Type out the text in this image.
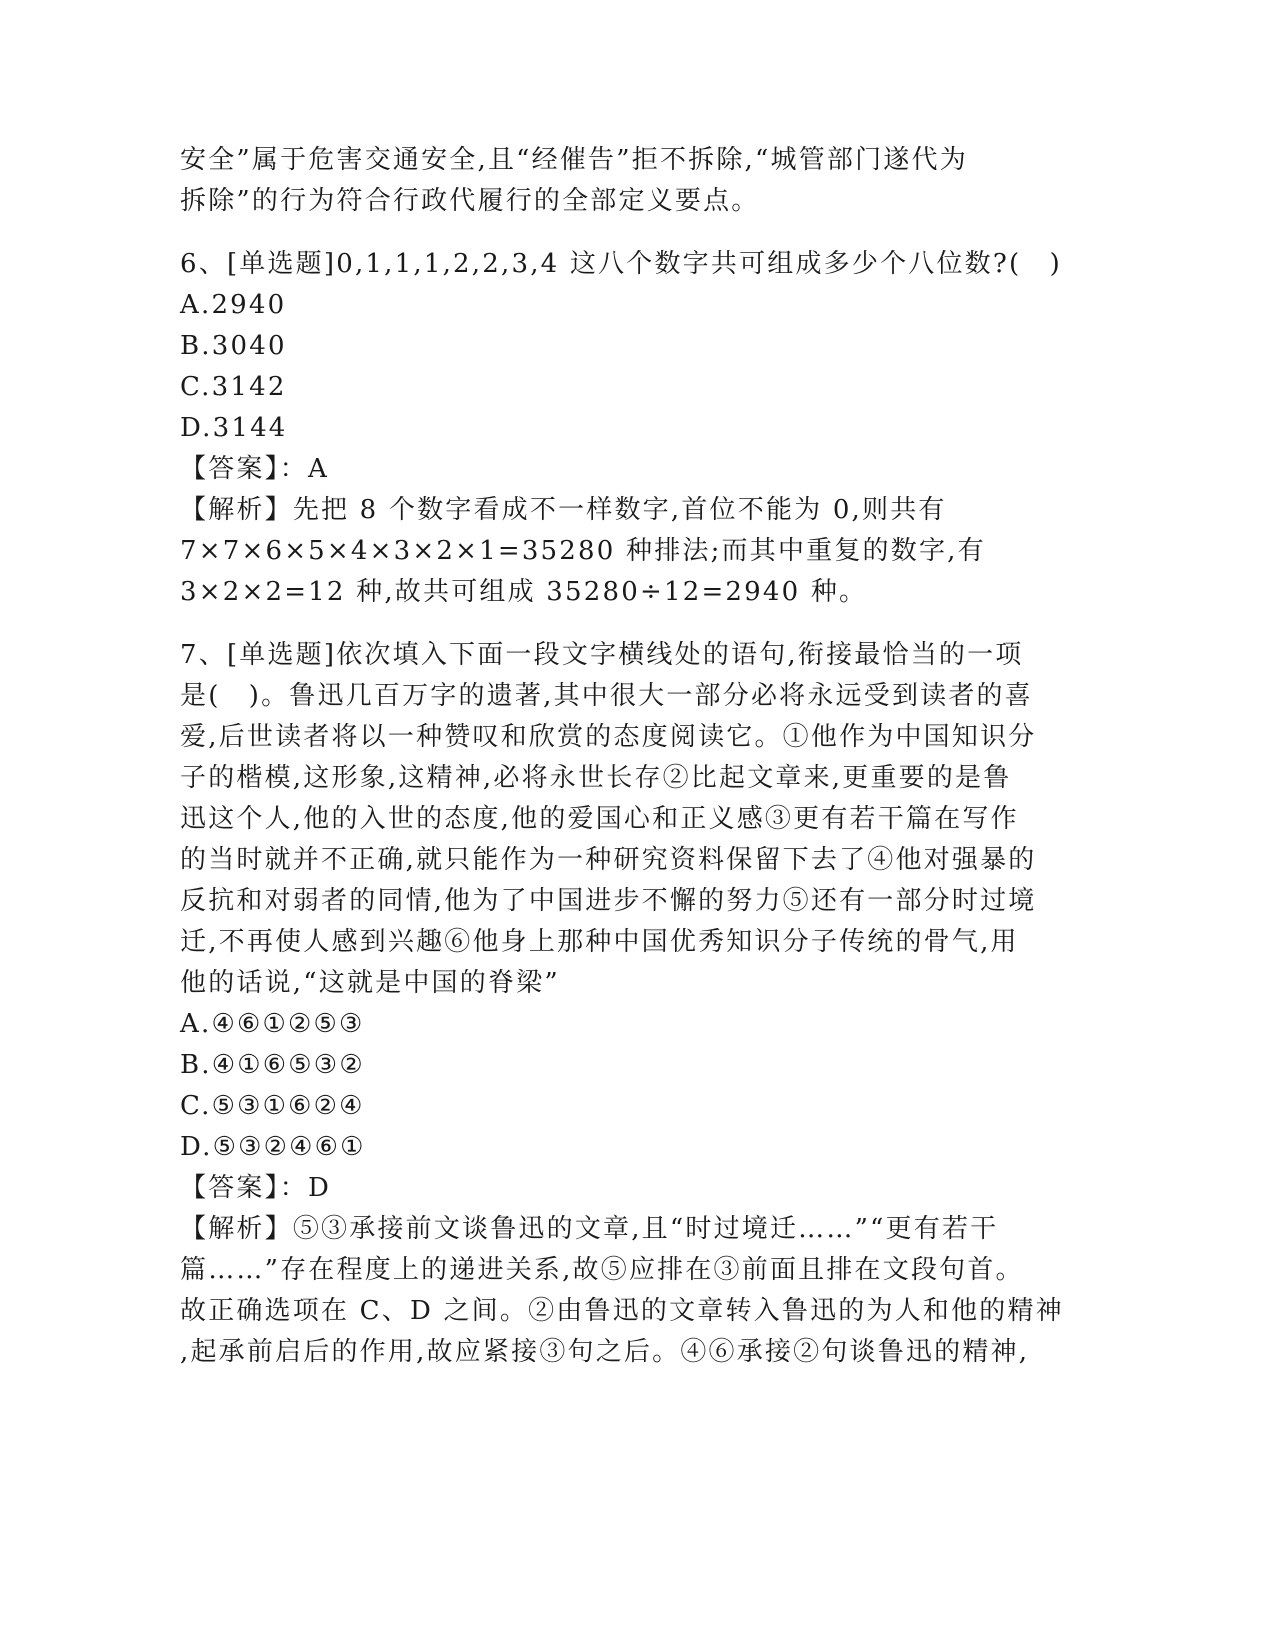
安全”属于危害交通安全,且“经催告”拒不拆除,“城管部门遂代为
拆除”的行为符合行政代履行的全部定义要点。
6、[单选题]0,1,1,1,2,2,3,4 这八个数字共可组成多少个八位数?(　)
A.2940
B.3040
C.3142
D.3144
【答案】：A
【解析】先把 8 个数字看成不一样数字,首位不能为 0,则共有
7×7×6×5×4×3×2×1=35280 种排法;而其中重复的数字,有
3×2×2=12 种,故共可组成 35280÷12=2940 种。
7、[单选题]依次填入下面一段文字横线处的语句,衔接最恰当的一项
是(　)。鲁迅几百万字的遗著,其中很大一部分必将永远受到读者的喜
爱,后世读者将以一种赞叹和欣赏的态度阅读它。①他作为中国知识分
子的楷模,这形象,这精神,必将永世长存②比起文章来,更重要的是鲁
迅这个人,他的入世的态度,他的爱国心和正义感③更有若干篇在写作
的当时就并不正确,就只能作为一种研究资料保留下去了④他对强暴的
反抗和对弱者的同情,他为了中国进步不懈的努力⑤还有一部分时过境
迁,不再使人感到兴趣⑥他身上那种中国优秀知识分子传统的骨气,用
他的话说,“这就是中国的脊梁”
A.④⑥①②⑤③
B.④①⑥⑤③②
C.⑤③①⑥②④
D.⑤③②④⑥①
【答案】：D
【解析】⑤③承接前文谈鲁迅的文章,且“时过境迁……”“更有若干
篇……”存在程度上的递进关系,故⑤应排在③前面且排在文段句首。
故正确选项在 C、D 之间。②由鲁迅的文章转入鲁迅的为人和他的精神
,起承前启后的作用,故应紧接③句之后。④⑥承接②句谈鲁迅的精神,
